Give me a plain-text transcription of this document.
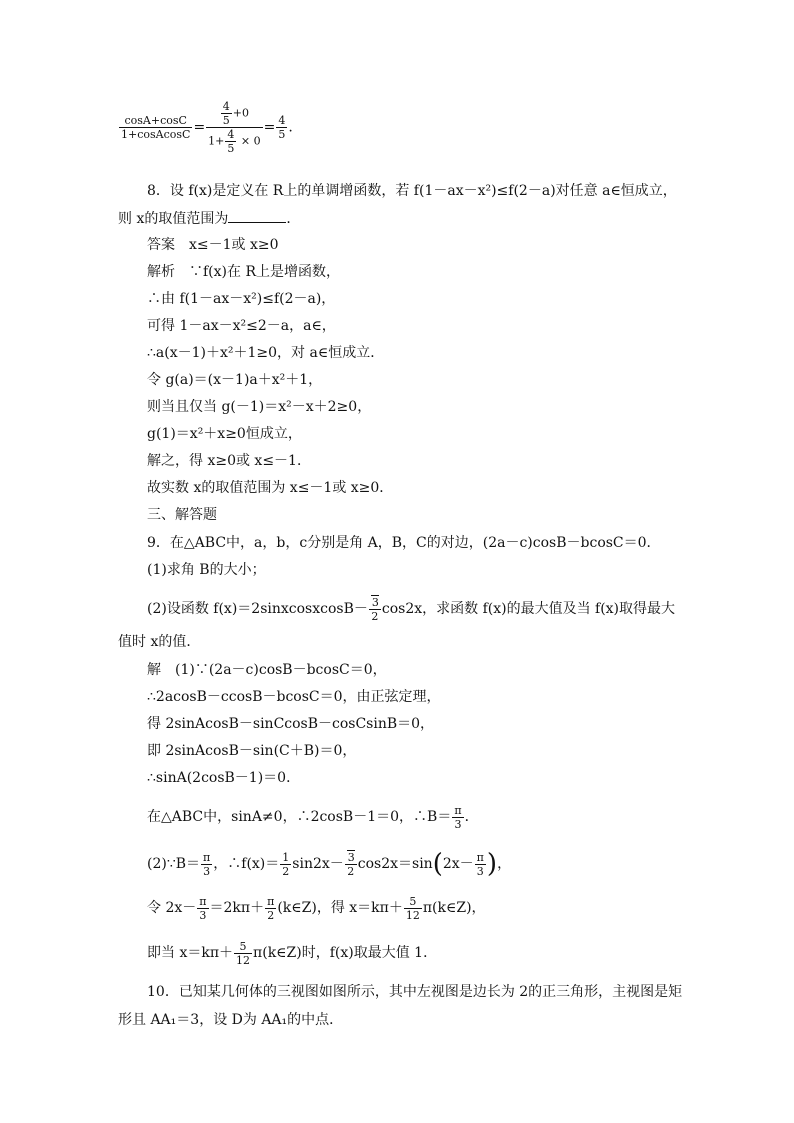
$\frac{\cos A+\cos C}{\text{1+cosAcosC}} = \frac{\frac{4}{5} +0}{1+ \frac{4}{5} \times 0} = \frac{4}{5}$ .
8．设 f(x)是定义在 R上的单调增函数，若 f(1－ax－x²)≤f(2－a)对任意 a∈恒成立，
则 x的取值范围为	．
答案　x≤－1或 x≥0
解析　∵f(x)在 R上是增函数，
∴由 f(1－ax－x²)≤f(2－a)，
可得 1－ax－x²≤2－a，a∈，
∴a(x－1)＋x²＋1≥0，对 a∈恒成立．
令 g(a)＝(x－1)a＋x²＋1，
则当且仅当 g(－1)＝x²－x＋2≥0，
g(1)＝x²＋x≥0恒成立，
解之，得 x≥0或 x≤－1．
故实数 x的取值范围为 x≤－1或 x≥0．
三、解答题
9．在△ABC中，a，b，c分别是角 A，B，C的对边，(2a－c)cosB－bcosC＝0．
(1)求角 B的大小；
(2)设函数 f(x)＝2sinxcosxcosB－ $\frac{3}{2} \cos 2x$，求函数 f(x)的最大值及当 f(x)取得最大
值时 x的值．
解　(1)∵(2a－c)cosB－bcosC＝0，
∴2acosB－ccosB－bcosC＝0，由正弦定理，
得 2sinAcosB－sinCcosB－cosCsinB＝0，
即 2sinAcosB－sin(C＋B)＝0，
∴sinA(2cosB－1)＝0．
在△ABC中，sinA≠0，∴2cosB－1＝0，∴B＝ $\frac{\pi}{3}$ ．
(2)∵B＝ $\frac{\pi}{3}$ ，∴f(x)＝ $\frac{1}{2} \sin 2x- \frac{3}{2} \cos 2x=\sin(2x- \frac{\pi}{3}$ )，
令 $2x- \frac{\pi}{3} =2k\pi+ \frac{\pi}{2}$ (k∈Z)，得 $x=k\pi+ \frac{5}{12}$ π(k∈Z)，
即当 $x=k\pi+ \frac{5}{12}$ π(k∈Z)时，f(x)取最大值 1．
10．已知某几何体的三视图如图所示，其中左视图是边长为 2的正三角形，主视图是矩
形且 AA₁＝3，设 D为 AA₁的中点．
